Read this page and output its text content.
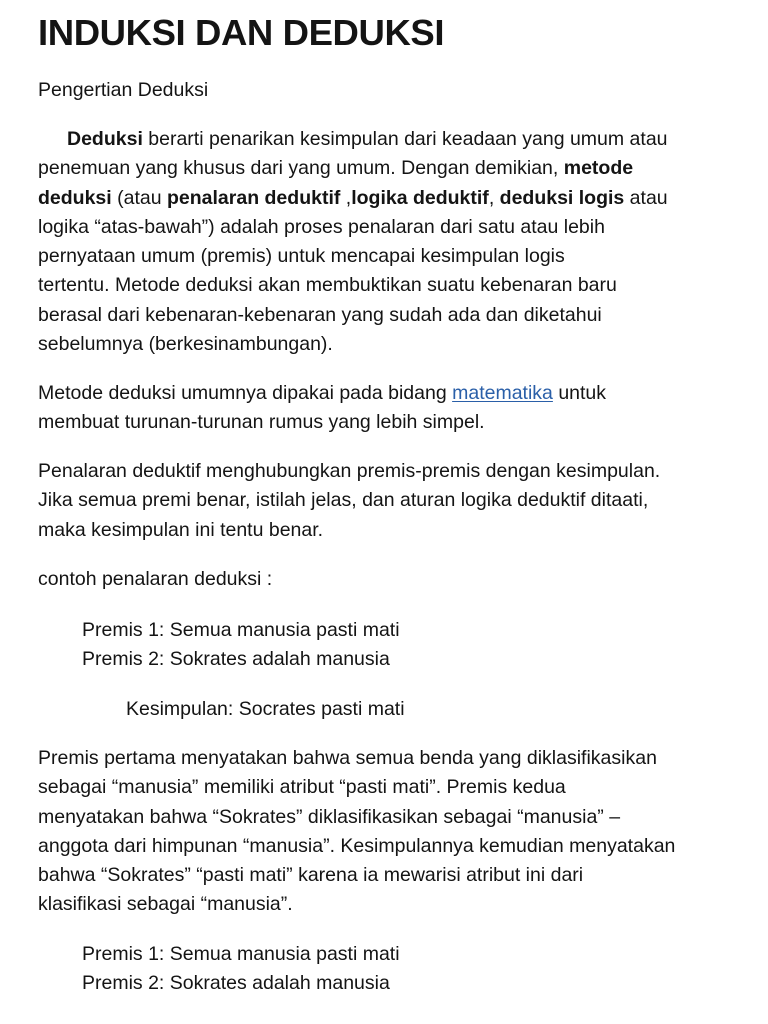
INDUKSI DAN DEDUKSI
Pengertian Deduksi

Deduksi berarti penarikan kesimpulan dari keadaan yang umum atau
penemuan yang khusus dari yang umum. Dengan demikian, metode
deduksi (atau penalaran deduktif ,logika deduktif, deduksi logis atau
logika “atas-bawah”) adalah proses penalaran dari satu atau lebih
pernyataan umum (premis) untuk mencapai kesimpulan logis
tertentu. Metode deduksi akan membuktikan suatu kebenaran baru
berasal dari kebenaran-kebenaran yang sudah ada dan diketahui
sebelumnya (berkesinambungan).

Metode deduksi umumnya dipakai pada bidang matematika untuk
membuat turunan-turunan rumus yang lebih simpel.

Penalaran deduktif menghubungkan premis-premis dengan kesimpulan.
Jika semua premi benar, istilah jelas, dan aturan logika deduktif ditaati,
maka kesimpulan ini tentu benar.

contoh penalaran deduksi :
Premis 1: Semua manusia pasti mati
Premis 2: Sokrates adalah manusia
Kesimpulan: Socrates pasti mati

Premis pertama menyatakan bahwa semua benda yang diklasifikasikan
sebagai “manusia” memiliki atribut “pasti mati”. Premis kedua
menyatakan bahwa “Sokrates” diklasifikasikan sebagai “manusia” –
anggota dari himpunan “manusia”. Kesimpulannya kemudian menyatakan
bahwa “Sokrates” “pasti mati” karena ia mewarisi atribut ini dari
klasifikasi sebagai “manusia”.

Premis 1: Semua manusia pasti mati
Premis 2: Sokrates adalah manusia
